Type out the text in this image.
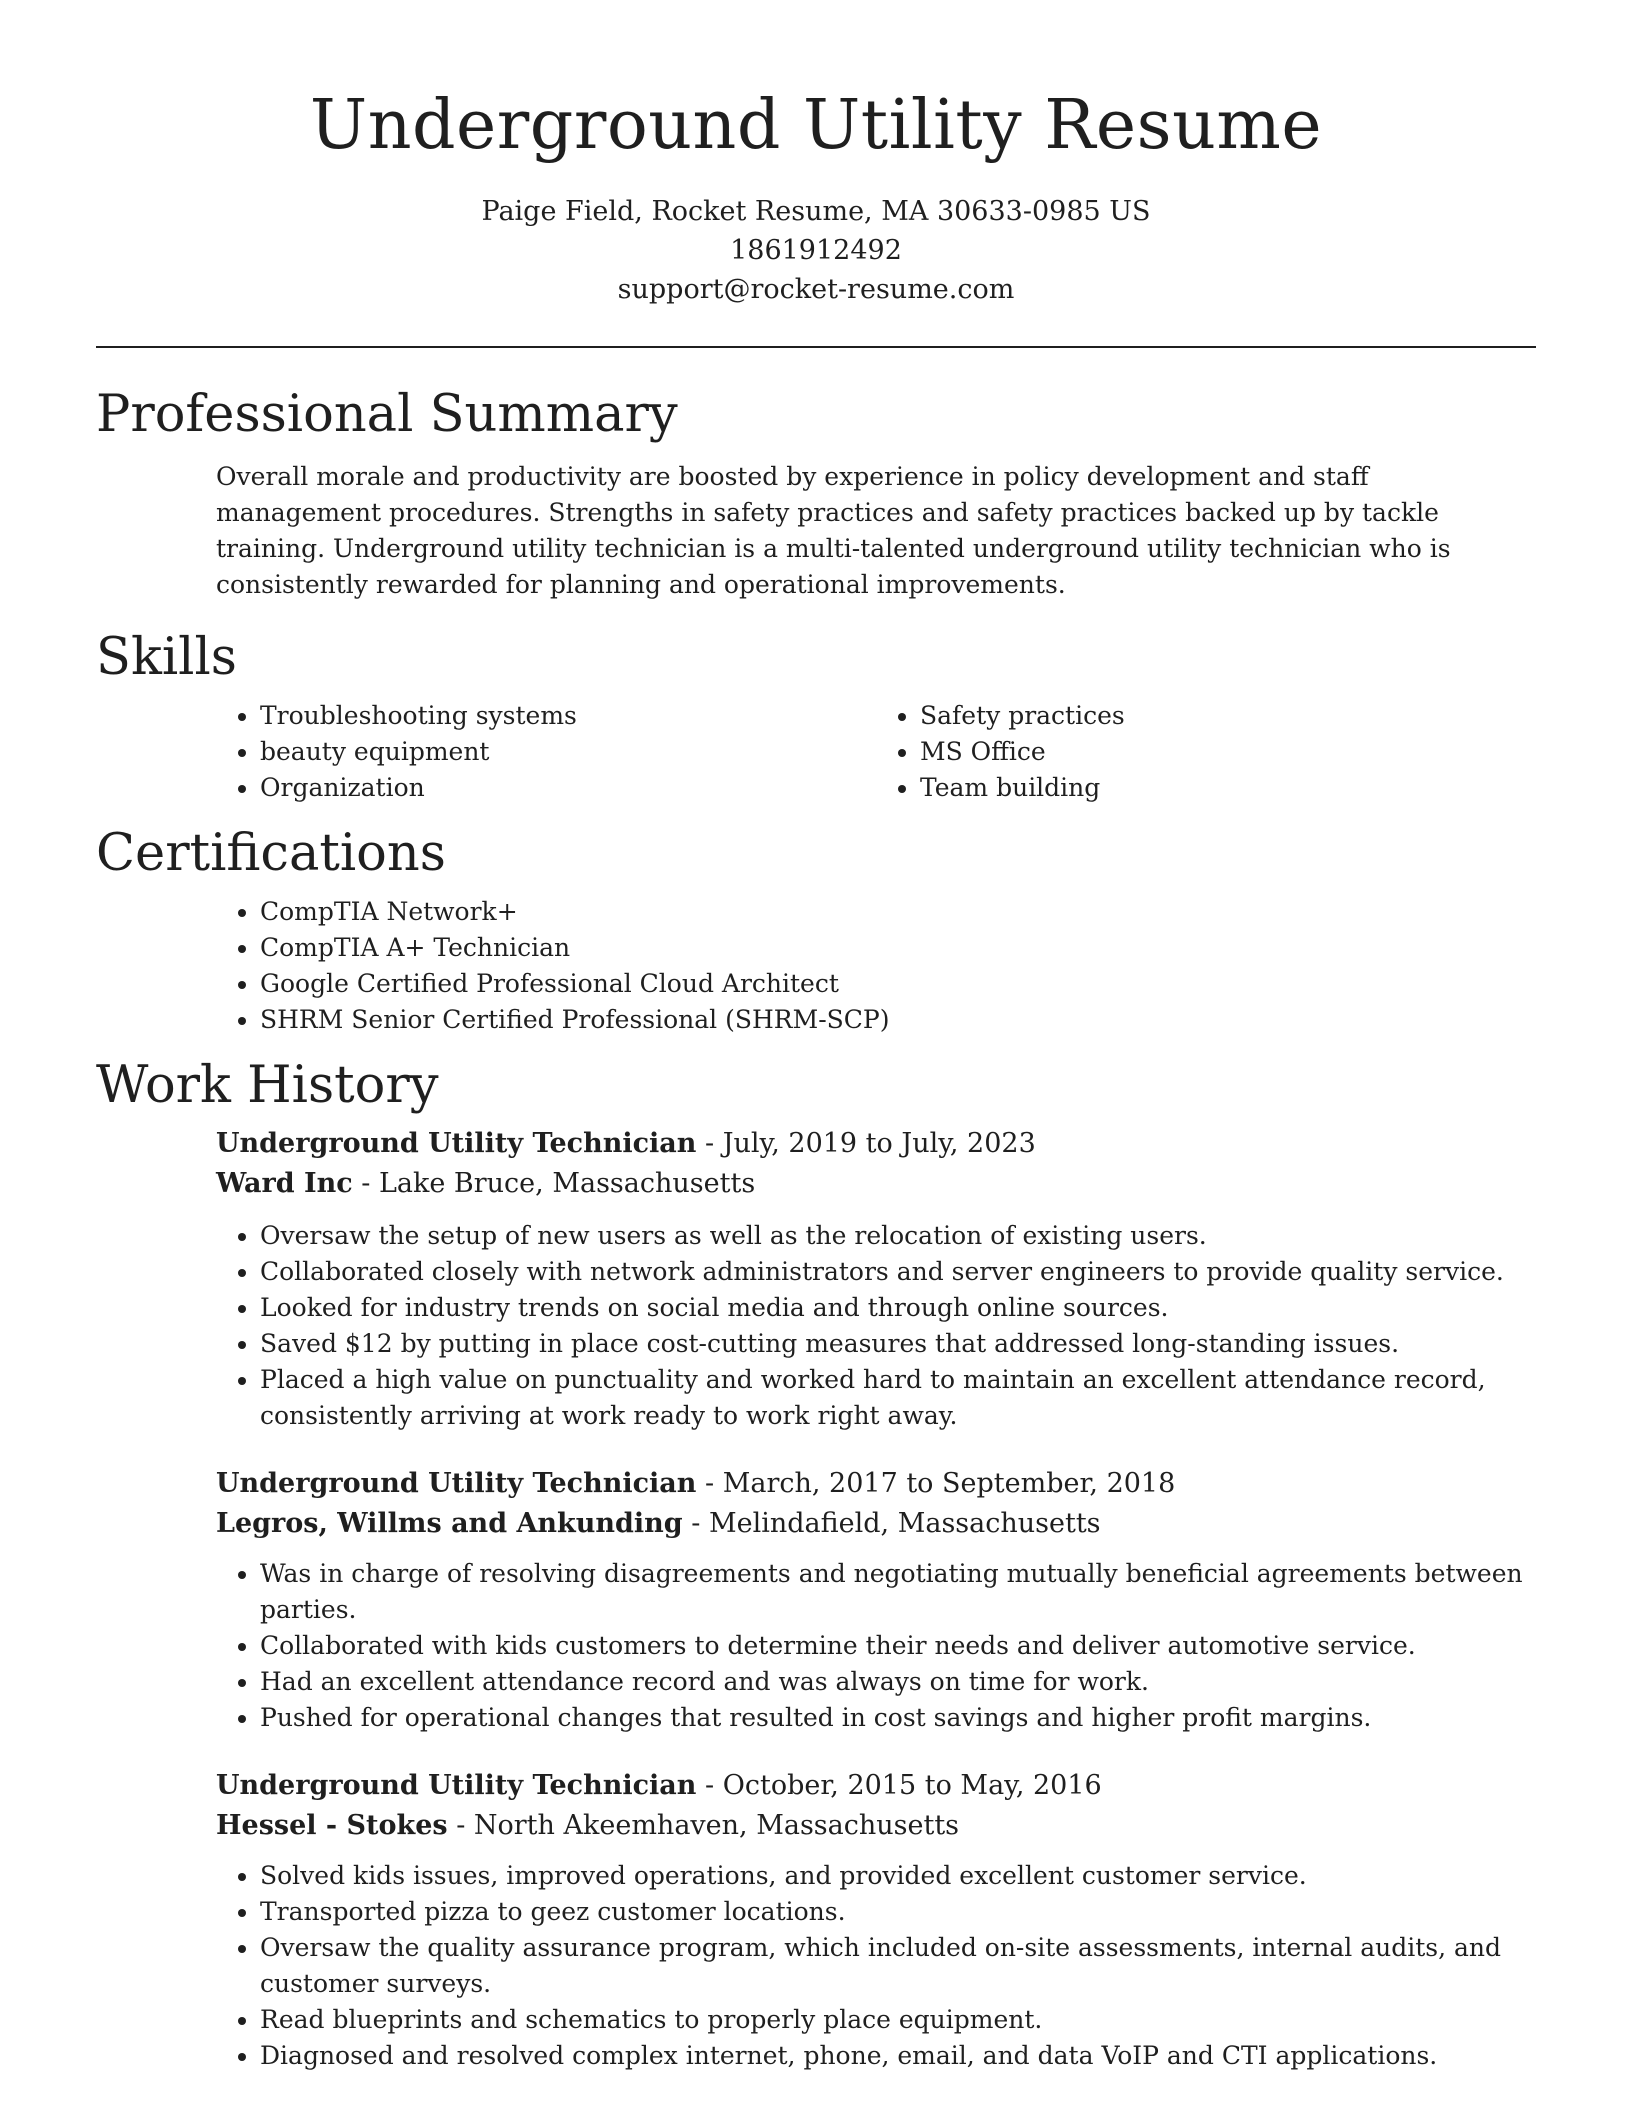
Underground Utility Resume
Paige Field, Rocket Resume, MA 30633-0985 US
1861912492
support@rocket-resume.com
Professional Summary

Overall morale and productivity are boosted by experience in policy development and staff management procedures. Strengths in safety practices and safety practices backed up by tackle training. Underground utility technician is a multi-talented underground utility technician who is consistently rewarded for planning and operational improvements.

Skills
• Troubleshooting systems
• beauty equipment
• Organization
• Safety practices
• MS Office
• Team building
Certifications
• CompTIA Network+
• CompTIA A+ Technician
• Google Certified Professional Cloud Architect
• SHRM Senior Certified Professional (SHRM-SCP)
Work History

Underground Utility Technician - July, 2019 to July, 2023

Ward Inc - Lake Bruce, Massachusetts

• Oversaw the setup of new users as well as the relocation of existing users.
• Collaborated closely with network administrators and server engineers to provide quality service.
• Looked for industry trends on social media and through online sources.
• Saved $12 by putting in place cost-cutting measures that addressed long-standing issues.
• Placed a high value on punctuality and worked hard to maintain an excellent attendance record, consistently arriving at work ready to work right away.

Underground Utility Technician - March, 2017 to September, 2018

Legros, Willms and Ankunding - Melindafield, Massachusetts

• Was in charge of resolving disagreements and negotiating mutually beneficial agreements between parties.
• Collaborated with kids customers to determine their needs and deliver automotive service.
• Had an excellent attendance record and was always on time for work.
• Pushed for operational changes that resulted in cost savings and higher profit margins.

Underground Utility Technician - October, 2015 to May, 2016

Hessel - Stokes - North Akeemhaven, Massachusetts

• Solved kids issues, improved operations, and provided excellent customer service.
• Transported pizza to geez customer locations.
• Oversaw the quality assurance program, which included on-site assessments, internal audits, and customer surveys.
• Read blueprints and schematics to properly place equipment.
• Diagnosed and resolved complex internet, phone, email, and data VoIP and CTI applications.
